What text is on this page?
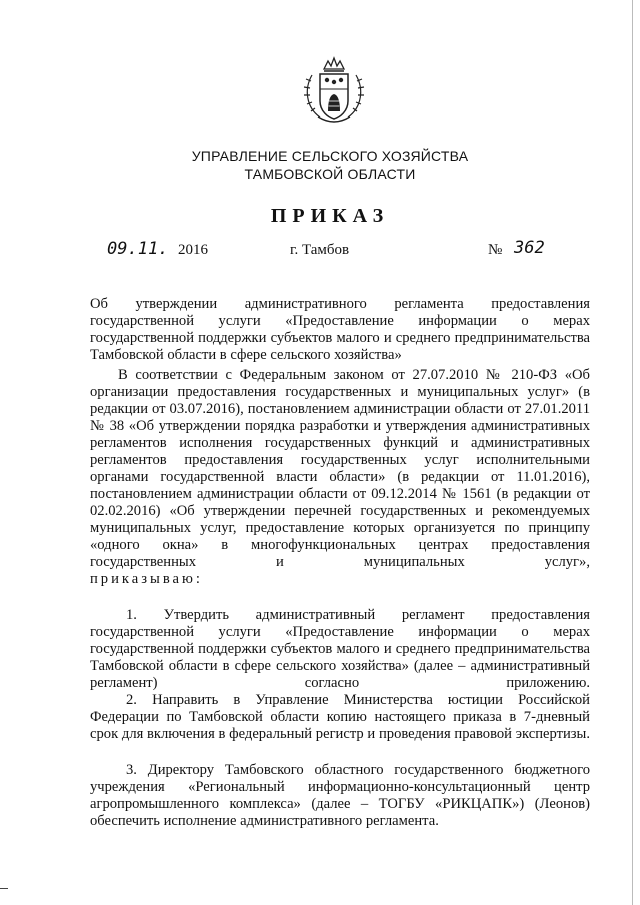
УПРАВЛЕНИЕ СЕЛЬСКОГО ХОЗЯЙСТВА
ТАМБОВСКОЙ ОБЛАСТИ
ПРИКАЗ
09.11. 2016	г. Тамбов	№ 362

Об утверждении административного регламента предоставления государственной услуги «Предоставление информации о мерах государственной поддержки субъектов малого и среднего предпринимательства Тамбовской области в сфере сельского хозяйства»

В соответствии с Федеральным законом от 27.07.2010 № 210-ФЗ «Об организации предоставления государственных и муниципальных услуг» (в редакции от 03.07.2016), постановлением администрации области от 27.01.2011 № 38 «Об утверждении порядка разработки и утверждения административных регламентов исполнения государственных функций и административных регламентов предоставления государственных услуг исполнительными органами государственной власти области» (в редакции от 11.01.2016), постановлением администрации области от 09.12.2014 № 1561 (в редакции от 02.02.2016) «Об утверждении перечней государственных и рекомендуемых муниципальных услуг, предоставление которых организуется по принципу «одного окна» в многофункциональных центрах предоставления государственных и муниципальных услуг»,

приказываю:

1. Утвердить административный регламент предоставления государственной услуги «Предоставление информации о мерах государственной поддержки субъектов малого и среднего предпринимательства Тамбовской области в сфере сельского хозяйства» (далее – административный регламент) согласно приложению.

2. Направить в Управление Министерства юстиции Российской Федерации по Тамбовской области копию настоящего приказа в 7-дневный срок для включения в федеральный регистр и проведения правовой экспертизы.

3. Директору Тамбовского областного государственного бюджетного учреждения «Региональный информационно-консультационный центр агропромышленного комплекса» (далее – ТОГБУ «РИКЦАПК») (Леонов) обеспечить исполнение административного регламента.
